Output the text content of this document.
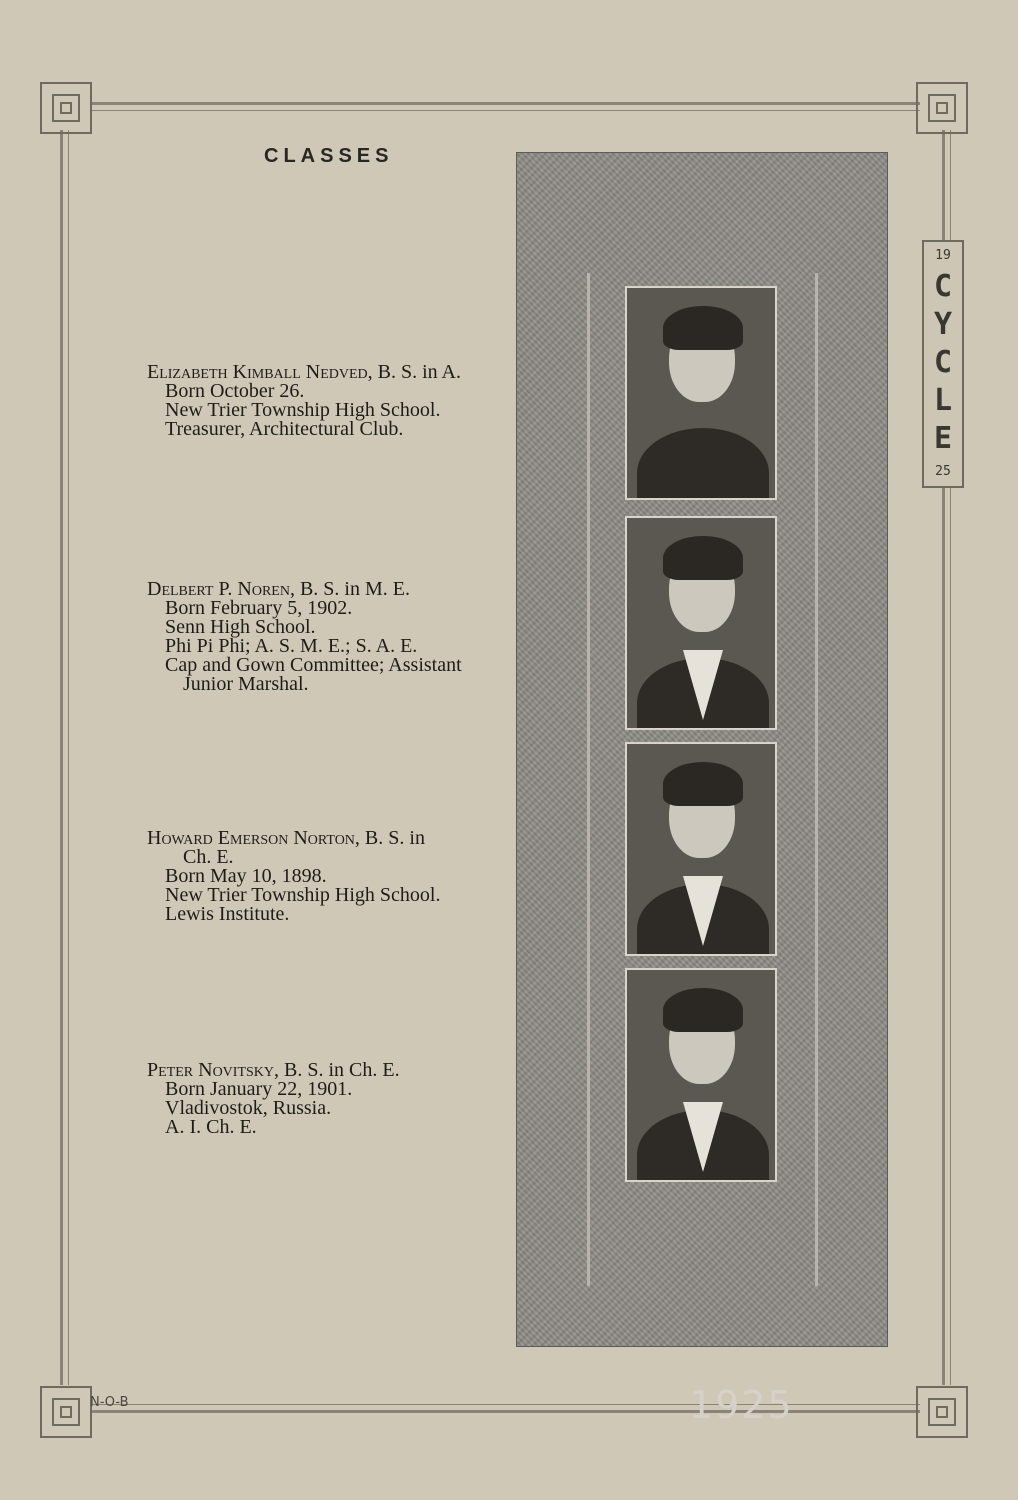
CLASSES
Elizabeth Kimball Nedved, B. S. in A.
Born October 26.
New Trier Township High School.
Treasurer, Architectural Club.
Delbert P. Noren, B. S. in M. E.
Born February 5, 1902.
Senn High School.
Phi Pi Phi; A. S. M. E.; S. A. E.
Cap and Gown Committee; Assistant
Junior Marshal.
Howard Emerson Norton, B. S. in
Ch. E.
Born May 10, 1898.
New Trier Township High School.
Lewis Institute.
Peter Novitsky, B. S. in Ch. E.
Born January 22, 1901.
Vladivostok, Russia.
A. I. Ch. E.
1925
19
C
Y
C
L
E
25
N-O-B
